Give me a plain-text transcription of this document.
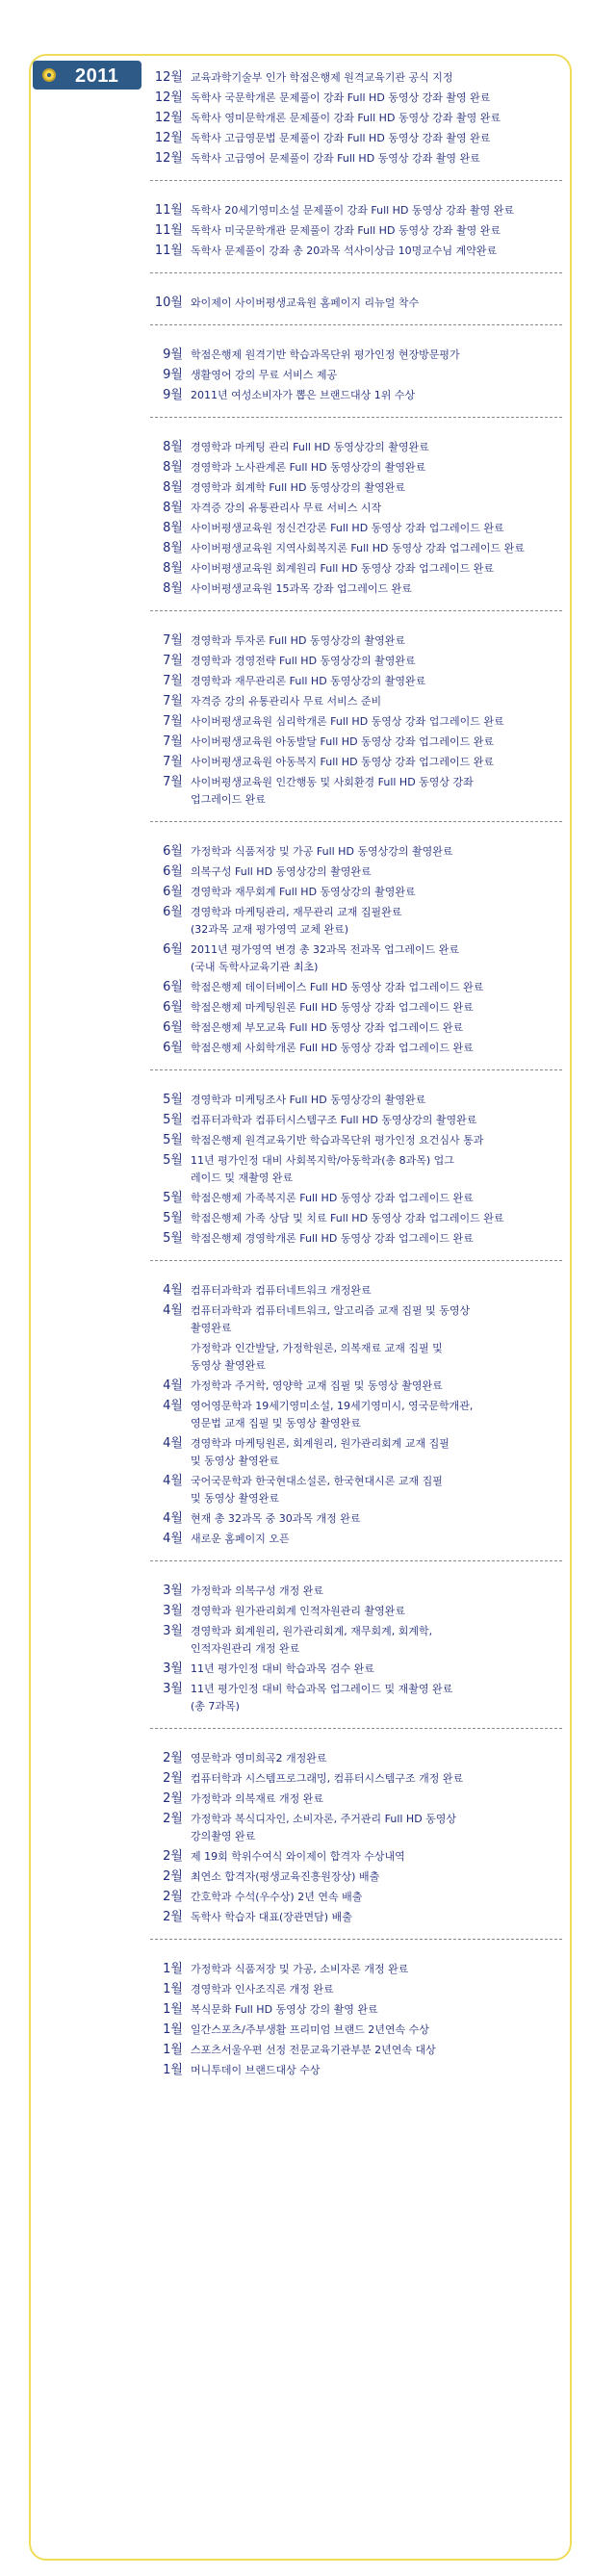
2011	12월 교육과학기술부 인가 학점은행제 원격교육기관 공식 지정
12월 독학사 국문학개론 문제풀이 강좌 Full HD 동영상 강좌 촬영 완료
12월 독학사 영미문학개론 문제풀이 강좌 Full HD 동영상 강좌 촬영 완료
12월 독학사 고급영문법 문제풀이 강좌 Full HD 동영상 강좌 촬영 완료
12월 독학사 고급영어 문제풀이 강좌 Full HD 동영상 강좌 촬영 완료
11월 독학사 20세기영미소설 문제풀이 강좌 Full HD 동영상 강좌 촬영 완료
11월 독학사 미국문학개관 문제풀이 강좌 Full HD 동영상 강좌 촬영 완료
11월 독학사 문제풀이 강좌 총 20과목 석사이상급 10명교수님 계약완료
10월 와이제이 사이버평생교육원 홈페이지 리뉴얼 착수
9월 학점은행제 원격기반 학습과목단위 평가인정 현장방문평가
9월 생활영어 강의 무료 서비스 제공
9월 2011년 여성소비자가 뽑은 브랜드대상 1위 수상
8월 경영학과 마케팅 관리 Full HD 동영상강의 촬영완료
8월 경영학과 노사관계론 Full HD 동영상강의 촬영완료
8월 경영학과 회계학 Full HD 동영상강의 촬영완료
8월 자격증 강의 유통관리사 무료 서비스 시작
8월 사이버평생교육원 정신건강론 Full HD 동영상 강좌 업그레이드 완료
8월 사이버평생교육원 지역사회복지론 Full HD 동영상 강좌 업그레이드 완료
8월 사이버평생교육원 회계원리 Full HD 동영상 강좌 업그레이드 완료
8월 사이버평생교육원 15과목 강좌 업그레이드 완료
7월 경영학과 투자론 Full HD 동영상강의 촬영완료
7월 경영학과 경영전략 Full HD 동영상강의 촬영완료
7월 경영학과 재무관리론 Full HD 동영상강의 촬영완료
7월 자격증 강의 유통관리사 무료 서비스 준비
7월 사이버평생교육원 심리학개론 Full HD 동영상 강좌 업그레이드 완료
7월 사이버평생교육원 아동발달 Full HD 동영상 강좌 업그레이드 완료
7월 사이버평생교육원 아동복지 Full HD 동영상 강좌 업그레이드 완료
7월 사이버평생교육원 인간행동 및 사회환경 Full HD 동영상 강좌
업그레이드 완료
6월 가정학과 식품저장 및 가공 Full HD 동영상강의 촬영완료
6월 의복구성 Full HD 동영상강의 촬영완료
6월 경영학과 재무회계 Full HD 동영상강의 촬영완료
6월 경영학과 마케팅관리, 재무관리 교재 집필완료
(32과목 교재 평가영역 교체 완료)
6월 2011년 평가영역 변경 총 32과목 전과목 업그레이드 완료
(국내 독학사교육기관 최초)
6월 학점은행제 데이터베이스 Full HD 동영상 강좌 업그레이드 완료
6월 학점은행제 마케팅원론 Full HD 동영상 강좌 업그레이드 완료
6월 학점은행제 부모교육 Full HD 동영상 강좌 업그레이드 완료
6월 학점은행제 사회학개론 Full HD 동영상 강좌 업그레이드 완료
5월 경영학과 미케팅조사 Full HD 동영상강의 촬영완료
5월 컴퓨터과학과 컴퓨터시스템구조 Full HD 동영상강의 촬영완료
5월 학점은행제 원격교육기반 학습과목단위 평가인정 요건심사 통과
5월 11년 평가인정 대비 사회복지학/아동학과(총 8과목) 업그
레이드 및 재촬영 완료
5월 학점은행제 가족복지론 Full HD 동영상 강좌 업그레이드 완료
5월 학점은행제 가족 상담 및 치료 Full HD 동영상 강좌 업그레이드 완료
5월 학점은행제 경영학개론 Full HD 동영상 강좌 업그레이드 완료
4월 컴퓨터과학과 컴퓨터네트워크 개정완료
4월 컴퓨터과학과 컴퓨터네트워크, 알고리즘 교재 집필 및 동영상
촬영완료
가정학과 인간발달, 가정학원론, 의복재료 교재 집필 및
동영상 촬영완료
4월 가정학과 주거학, 영양학 교재 집필 및 동영상 촬영완료
4월 영어영문학과 19세기영미소설, 19세기영미시, 영국문학개관,
영문법 교재 집필 및 동영상 촬영완료
4월 경영학과 마케팅원론, 회계원리, 원가관리회계 교재 집필
및 동영상 촬영완료
4월 국어국문학과 한국현대소설론, 한국현대시론 교재 집필
및 동영상 촬영완료
4월 현재 총 32과목 중 30과목 개정 완료
4월 새로운 홈페이지 오픈
3월 가정학과 의복구성 개정 완료
3월 경영학과 원가관리회계 인적자원관리 촬영완료
3월 경영학과 회계원리, 원가관리회계, 재무회계, 회계학,
인적자원관리 개정 완료
3월 11년 평가인정 대비 학습과목 검수 완료
3월 11년 평가인정 대비 학습과목 업그레이드 및 재촬영 완료
(총 7과목)
2월 영문학과 영미희곡2 개정완료
2월 컴퓨터학과 시스템프로그래밍, 컴퓨터시스템구조 개정 완료
2월 가정학과 의복재료 개정 완료
2월 가정학과 복식디자인, 소비자론, 주거관리 Full HD 동영상
강의촬영 완료
2월 제 19회 학위수여식 와이제이 합격자 수상내역
2월 최연소 합격자(평생교육진흥원장상) 배출
2월 간호학과 수석(우수상) 2년 연속 배출
2월 독학사 학습자 대표(장관면담) 배출
1월 가정학과 식품저장 및 가공, 소비자론 개정 완료
1월 경영학과 인사조직론 개정 완료
1월 복식문화 Full HD 동영상 강의 촬영 완료
1월 일간스포츠/주부생활 프리미엄 브랜드 2년연속 수상
1월 스포츠서울우편 선정 전문교육기관부분 2년연속 대상
1월 머니투데이 브랜드대상 수상
